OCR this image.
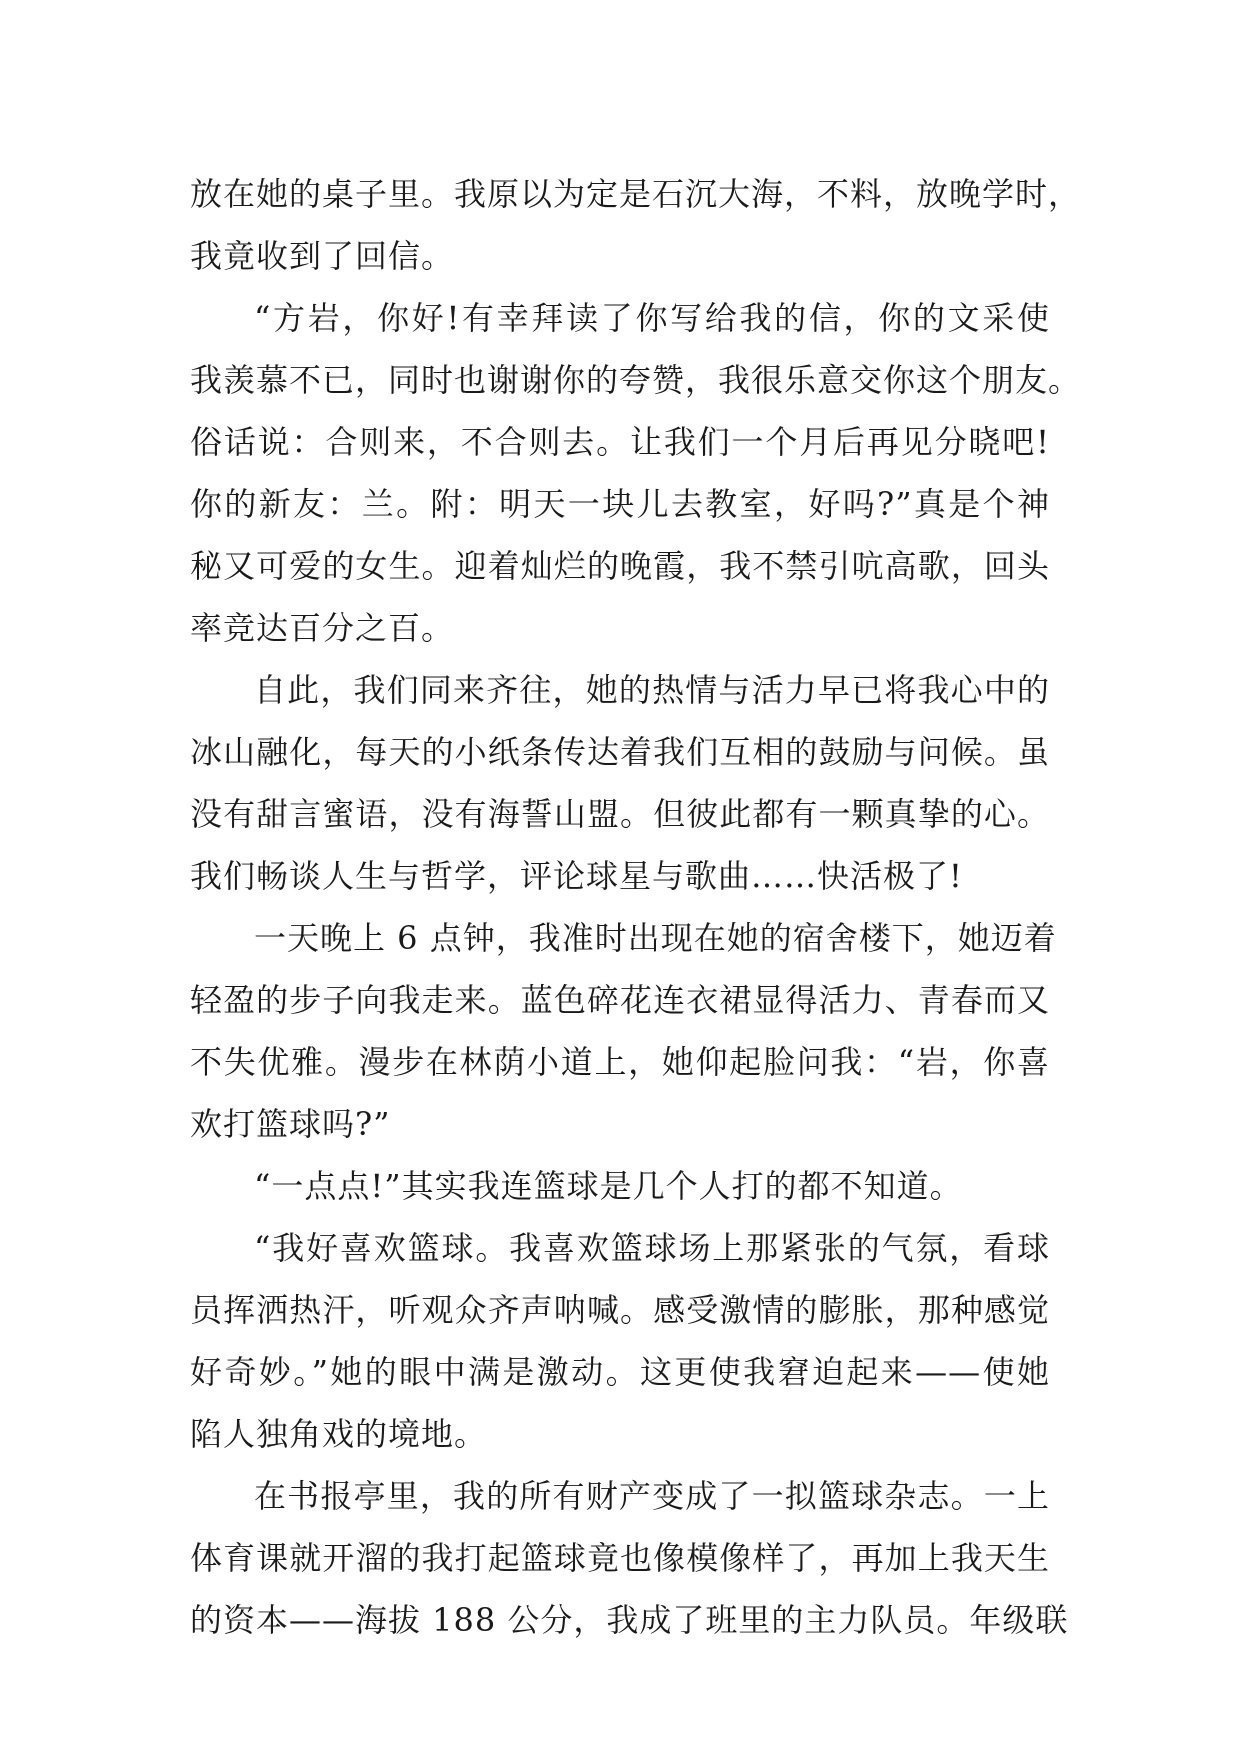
放在她的桌子里。我原以为定是石沉大海，不料，放晚学时，
我竟收到了回信。
“方岩，你好!有幸拜读了你写给我的信，你的文采使
我羡慕不已，同时也谢谢你的夸赞，我很乐意交你这个朋友。
俗话说：合则来，不合则去。让我们一个月后再见分晓吧!
你的新友：兰。附：明天一块儿去教室，好吗?”真是个神
秘又可爱的女生。迎着灿烂的晚霞，我不禁引吭高歌，回头
率竞达百分之百。
自此，我们同来齐往，她的热情与活力早已将我心中的
冰山融化，每天的小纸条传达着我们互相的鼓励与问候。虽
没有甜言蜜语，没有海誓山盟。但彼此都有一颗真挚的心。
我们畅谈人生与哲学，评论球星与歌曲……快活极了!
一天晚上 6 点钟，我准时出现在她的宿舍楼下，她迈着
轻盈的步子向我走来。蓝色碎花连衣裙显得活力、青春而又
不失优雅。漫步在林荫小道上，她仰起脸问我：“岩，你喜
欢打篮球吗?”
“一点点!”其实我连篮球是几个人打的都不知道。
“我好喜欢篮球。我喜欢篮球场上那紧张的气氛，看球
员挥洒热汗，听观众齐声呐喊。感受激情的膨胀，那种感觉
好奇妙。”她的眼中满是激动。这更使我窘迫起来——使她
陷人独角戏的境地。
在书报亭里，我的所有财产变成了一拟篮球杂志。一上
体育课就开溜的我打起篮球竟也像模像样了，再加上我天生
的资本——海拔 188 公分，我成了班里的主力队员。年级联
